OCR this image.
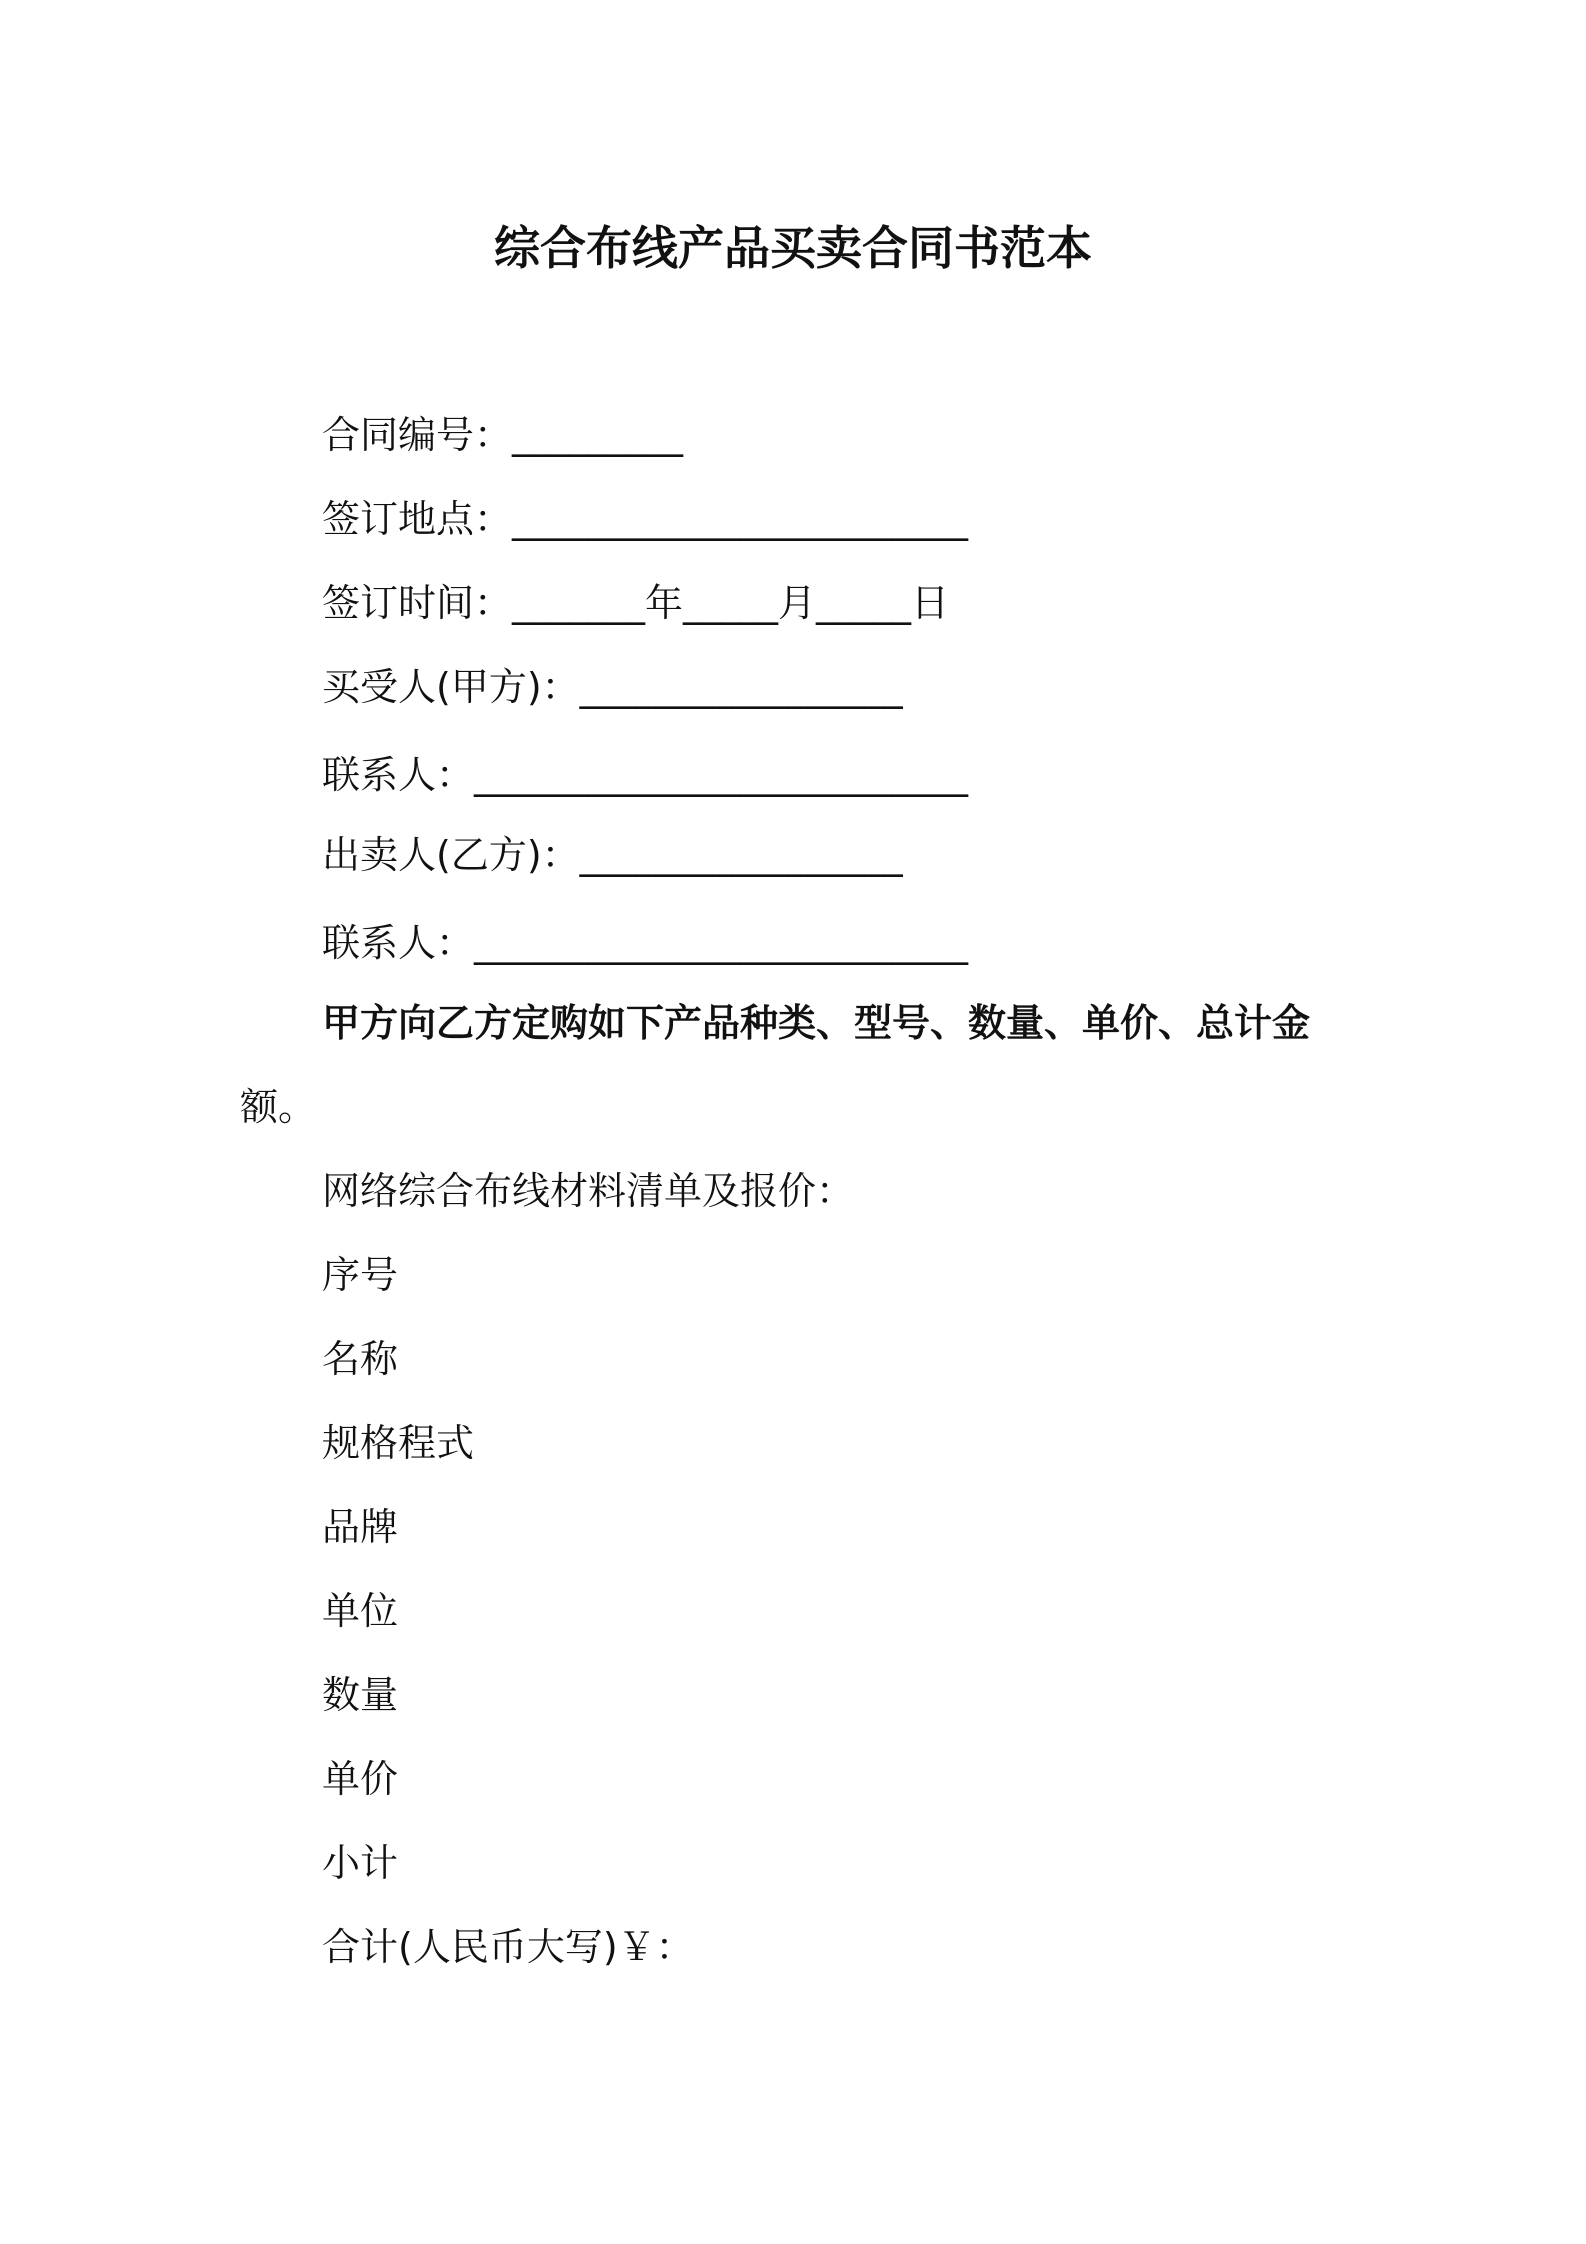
综合布线产品买卖合同书范本
合同编号：_________
签订地点：________________________
签订时间：_______年_____月_____日
买受人(甲方)：_________________
联系人：__________________________
出卖人(乙方)：_________________
联系人：__________________________
甲方向乙方定购如下产品种类、型号、数量、单价、总计金
额。
网络综合布线材料清单及报价：
序号
名称
规格程式
品牌
单位
数量
单价
小计
合计(人民币大写)￥：
